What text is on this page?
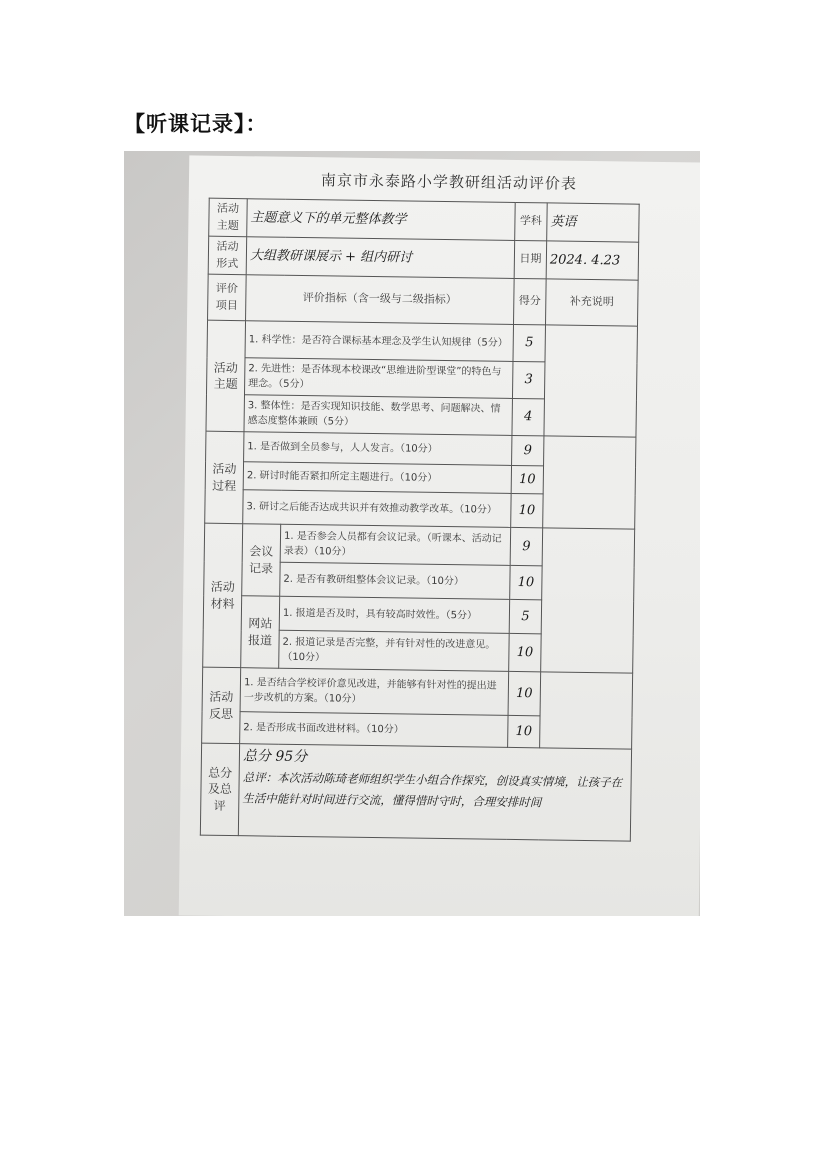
【听课记录】：
南京市永泰路小学教研组活动评价表
活动主题	主题意义下的单元整体教学		学科	英语
活动形式	大组教研课展示 + 组内研讨		日期	2024. 4.23
评价项目	评价指标（含一级与二级指标）		得分	补充说明
活动主题	1. 科学性：是否符合课标基本理念及学生认知规律（5分）		5	
	2. 先进性：是否体现本校课改“思维进阶型课堂”的特色与理念。（5分）		3	
	3. 整体性：是否实现知识技能、数学思考、问题解决、情感态度整体兼顾（5分）		4	
活动过程	1. 是否做到全员参与，人人发言。（10分）		9	
	2. 研讨时能否紧扣所定主题进行。（10分）		10	
	3. 研讨之后能否达成共识并有效推动教学改革。（10分）		10	
活动材料	会议记录	1. 是否参会人员都有会议记录。（听课本、活动记录表）（10分）	9	
		2. 是否有教研组整体会议记录。（10分）	10	
	网站报道	1. 报道是否及时，具有较高时效性。（5分）	5	
		2. 报道记录是否完整，并有针对性的改进意见。（10分）	10	
活动反思	1. 是否结合学校评价意见改进，并能够有针对性的提出进一步改机的方案。（10分）		10	
	2. 是否形成书面改进材料。（10分）		10	
总分及总评	总分 95分
总评：本次活动陈琦老师组织学生小组合作探究，创设真实情境，让孩子在生活中能针对时间进行交流，懂得惜时守时，合理安排时间			
